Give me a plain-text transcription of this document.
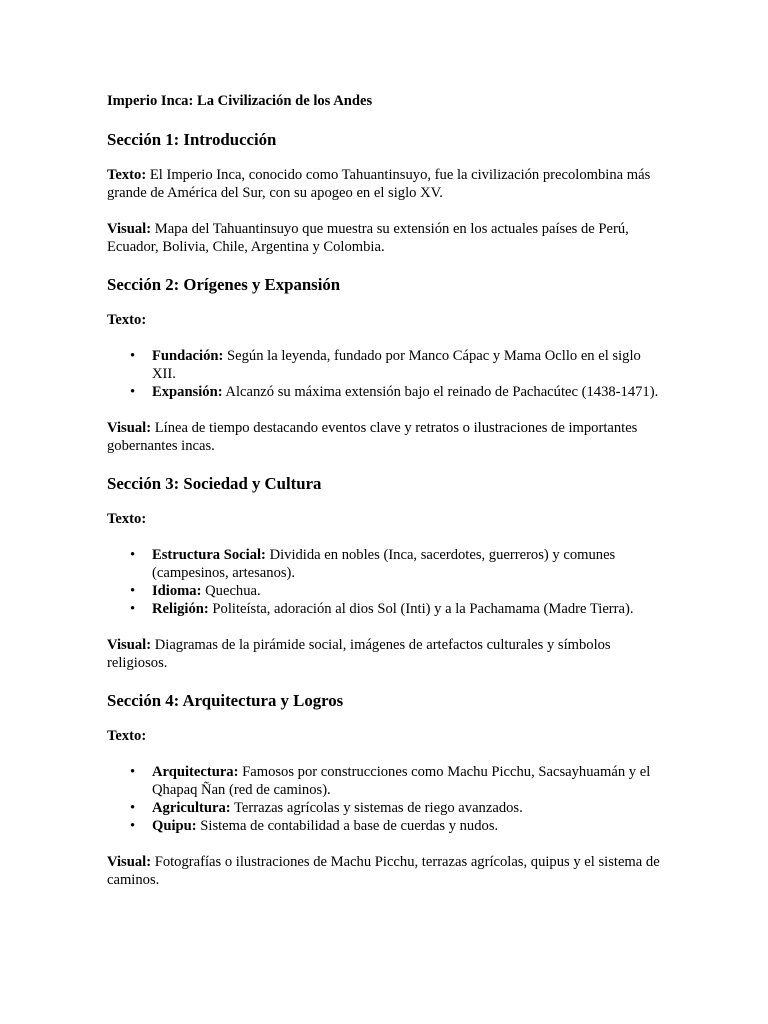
Imperio Inca: La Civilización de los Andes
Sección 1: Introducción

Texto: El Imperio Inca, conocido como Tahuantinsuyo, fue la civilización precolombina más grande de América del Sur, con su apogeo en el siglo XV.

Visual: Mapa del Tahuantinsuyo que muestra su extensión en los actuales países de Perú, Ecuador, Bolivia, Chile, Argentina y Colombia.

Sección 2: Orígenes y Expansión

Texto:

• Fundación: Según la leyenda, fundado por Manco Cápac y Mama Ocllo en el siglo XII.
• Expansión: Alcanzó su máxima extensión bajo el reinado de Pachacútec (1438-1471).

Visual: Línea de tiempo destacando eventos clave y retratos o ilustraciones de importantes gobernantes incas.

Sección 3: Sociedad y Cultura

Texto:

• Estructura Social: Dividida en nobles (Inca, sacerdotes, guerreros) y comunes (campesinos, artesanos).
• Idioma: Quechua.
• Religión: Politeísta, adoración al dios Sol (Inti) y a la Pachamama (Madre Tierra).

Visual: Diagramas de la pirámide social, imágenes de artefactos culturales y símbolos religiosos.

Sección 4: Arquitectura y Logros

Texto:

• Arquitectura: Famosos por construcciones como Machu Picchu, Sacsayhuamán y el Qhapaq Ñan (red de caminos).
• Agricultura: Terrazas agrícolas y sistemas de riego avanzados.
• Quipu: Sistema de contabilidad a base de cuerdas y nudos.

Visual: Fotografías o ilustraciones de Machu Picchu, terrazas agrícolas, quipus y el sistema de caminos.
